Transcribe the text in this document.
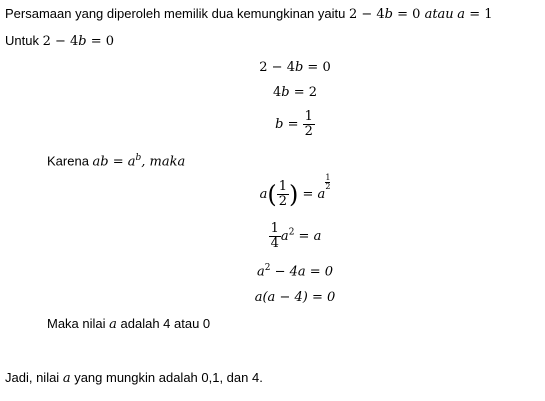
Persamaan yang diperoleh memilik dua kemungkinan yaitu 2 − 4b = 0 atau a = 1
Untuk 2 − 4b = 0
2 − 4b = 0
4b = 2
$b = \frac{1}{2}$
Karena ab = $a^b$, maka
$a( \frac{1}{2}$ ) = a
$\frac{1}{2}$
$\frac{1}{4} a^2 = a$
$a^2 - 4a = 0$
a(a − 4) = 0
Maka nilai a adalah 4 atau 0
Jadi, nilai a yang mungkin adalah 0,1, dan 4.
